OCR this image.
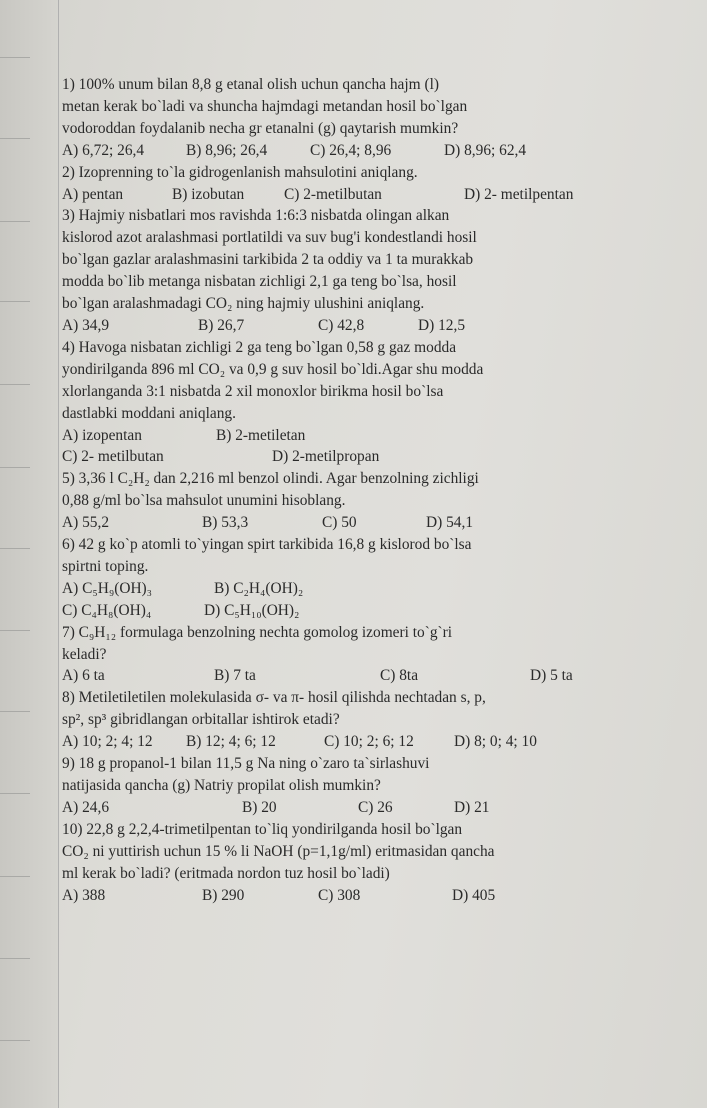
1) 100% unum bilan 8,8 g etanal olish uchun qancha hajm (l)

metan kerak bo`ladi va shuncha hajmdagi metandan hosil bo`lgan

vodoroddan foydalanib necha gr etanalni (g) qaytarish mumkin?

A) 6,72; 26,4	B) 8,96; 26,4	C) 26,4; 8,96	D) 8,96; 62,4

2) Izoprenning to`la gidrogenlanish mahsulotini aniqlang.

A) pentan	B) izobutan	C) 2-metilbutan	D) 2- metilpentan

3) Hajmiy nisbatlari mos ravishda 1:6:3 nisbatda olingan alkan

kislorod azot aralashmasi portlatildi va suv bug'i kondestlandi hosil

bo`lgan gazlar aralashmasini tarkibida 2 ta oddiy va 1 ta murakkab

modda bo`lib metanga nisbatan zichligi 2,1 ga teng bo`lsa, hosil

bo`lgan aralashmadagi CO₂ ning hajmiy ulushini aniqlang.

A) 34,9	B) 26,7	C) 42,8	D) 12,5

4) Havoga nisbatan zichligi 2 ga teng bo`lgan 0,58 g gaz modda

yondirilganda 896 ml CO₂ va 0,9 g suv hosil bo`ldi.Agar shu modda

xlorlanganda 3:1 nisbatda 2 xil monoxlor birikma hosil bo`lsa

dastlabki moddani aniqlang.

A) izopentan	B) 2-metiletan
C) 2- metilbutan	D) 2-metilpropan

5) 3,36 l C₂H₂ dan 2,216 ml benzol olindi. Agar benzolning zichligi

0,88 g/ml bo`lsa mahsulot unumini hisoblang.

A) 55,2	B) 53,3	C) 50	D) 54,1

6) 42 g ko`p atomli to`yingan spirt tarkibida 16,8 g kislorod bo`lsa

spirtni toping.

A) C₅H₉(OH)₃	B) C₂H₄(OH)₂
C) C₄H₈(OH)₄	D) C₅H₁₀(OH)₂

7) C₉H₁₂ formulaga benzolning nechta gomolog izomeri to`g`ri

keladi?

A) 6 ta	B) 7 ta	C) 8ta	D) 5 ta

8) Metiletiletilen molekulasida σ- va π- hosil qilishda nechtadan s, p,

sp², sp³ gibridlangan orbitallar ishtirok etadi?

A) 10; 2; 4; 12	B) 12; 4; 6; 12	C) 10; 2; 6; 12	D) 8; 0; 4; 10

9) 18 g propanol-1 bilan 11,5 g Na ning o`zaro ta`sirlashuvi

natijasida qancha (g) Natriy propilat olish mumkin?

A) 24,6	B) 20	C) 26	D) 21

10) 22,8 g 2,2,4-trimetilpentan to`liq yondirilganda hosil bo`lgan

CO₂ ni yuttirish uchun 15 % li NaOH (p=1,1g/ml) eritmasidan qancha

ml kerak bo`ladi? (eritmada nordon tuz hosil bo`ladi)

A) 388	B) 290	C) 308	D) 405
